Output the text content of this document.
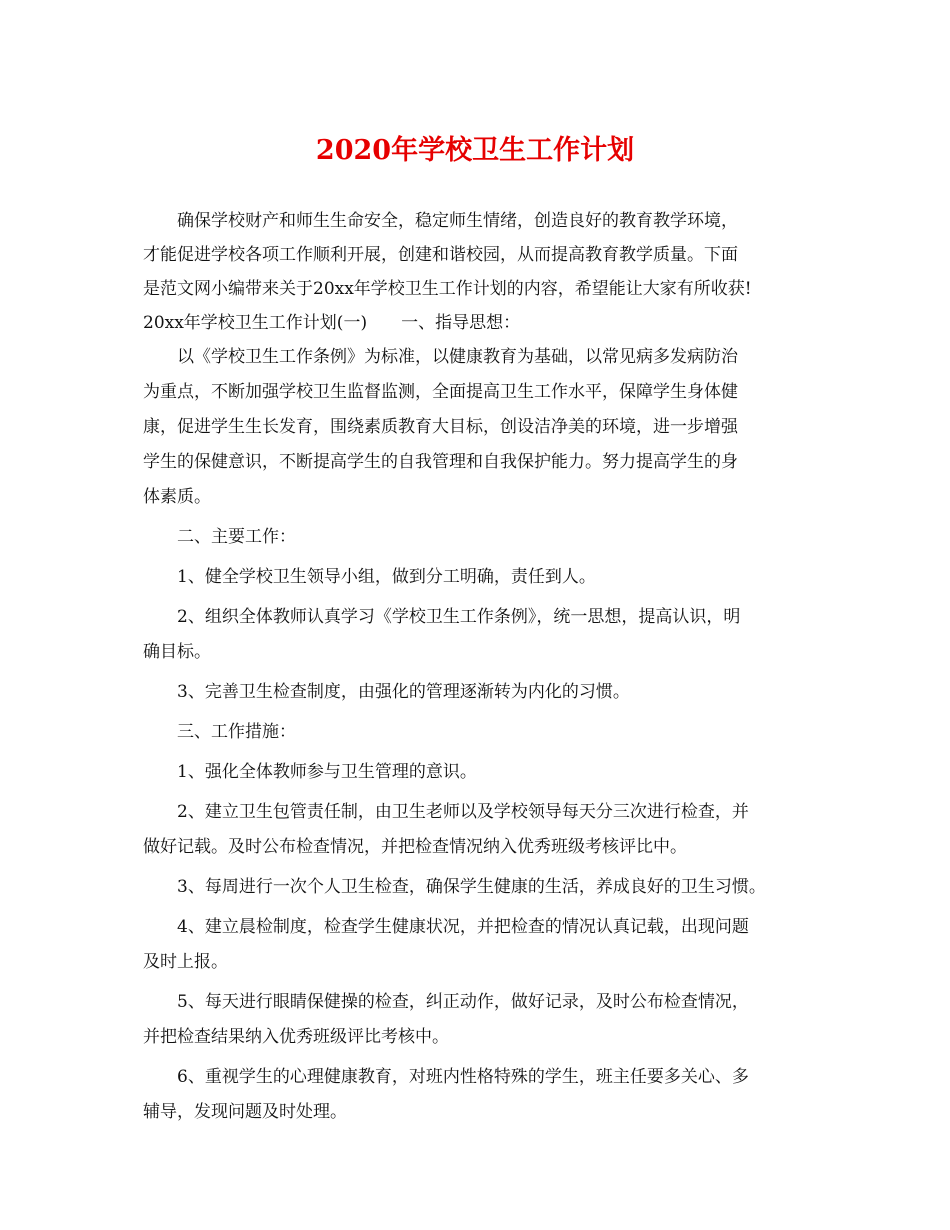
2020年学校卫生工作计划
确保学校财产和师生生命安全，稳定师生情绪，创造良好的教育教学环境，
才能促进学校各项工作顺利开展，创建和谐校园，从而提高教育教学质量。下面
是范文网小编带来关于20xx年学校卫生工作计划的内容，希望能让大家有所收获!
20xx年学校卫生工作计划(一)　　一、指导思想：
以《学校卫生工作条例》为标准，以健康教育为基础，以常见病多发病防治
为重点，不断加强学校卫生监督监测，全面提高卫生工作水平，保障学生身体健
康，促进学生生长发育，围绕素质教育大目标，创设洁净美的环境，进一步增强
学生的保健意识，不断提高学生的自我管理和自我保护能力。努力提高学生的身
体素质。
二、主要工作：
1、健全学校卫生领导小组，做到分工明确，责任到人。
2、组织全体教师认真学习《学校卫生工作条例》，统一思想，提高认识，明
确目标。
3、完善卫生检查制度，由强化的管理逐渐转为内化的习惯。
三、工作措施：
1、强化全体教师参与卫生管理的意识。
2、建立卫生包管责任制，由卫生老师以及学校领导每天分三次进行检查，并
做好记载。及时公布检查情况，并把检查情况纳入优秀班级考核评比中。
3、每周进行一次个人卫生检查，确保学生健康的生活，养成良好的卫生习惯。
4、建立晨检制度，检查学生健康状况，并把检查的情况认真记载，出现问题
及时上报。
5、每天进行眼睛保健操的检查，纠正动作，做好记录，及时公布检查情况，
并把检查结果纳入优秀班级评比考核中。
6、重视学生的心理健康教育，对班内性格特殊的学生，班主任要多关心、多
辅导，发现问题及时处理。
